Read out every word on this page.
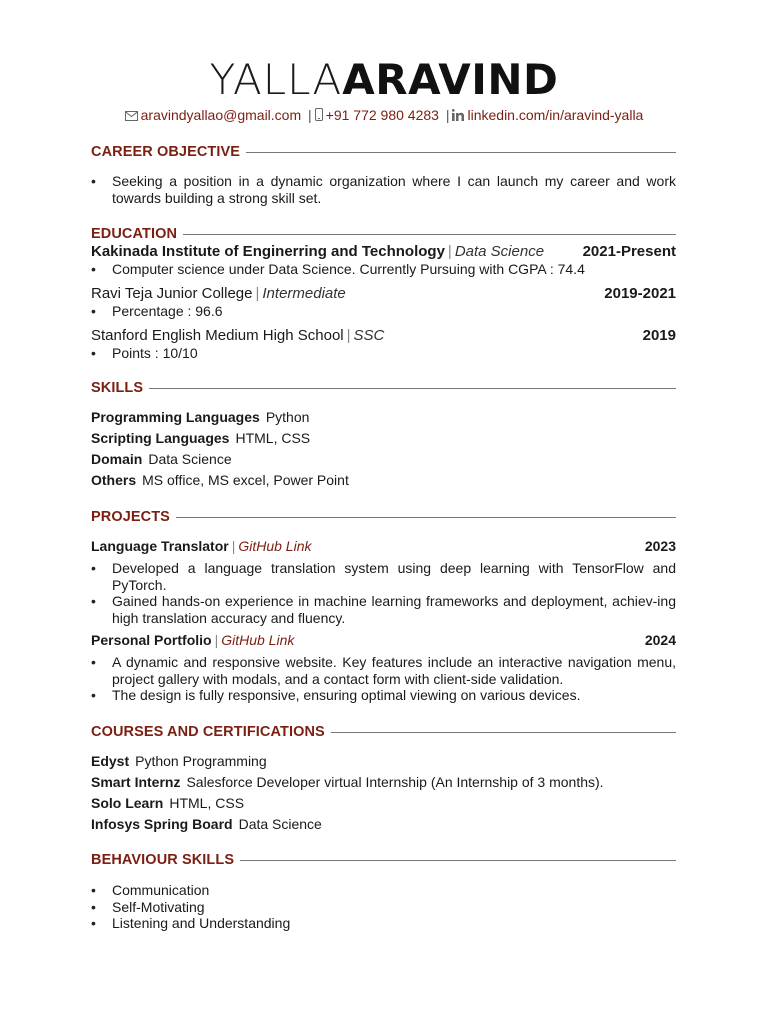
YALLAARAVIND
aravindyallao@gmail.com | +91 772 980 4283 | linkedin.com/in/aravind-yalla
CAREER OBJECTIVE
• Seeking a position in a dynamic organization where I can launch my career and work towards building a strong skill set.
EDUCATION
Kakinada Institute of Enginerring and Technology | Data Science	2021-Present
• Computer science under Data Science. Currently Pursuing with CGPA : 74.4
Ravi Teja Junior College | Intermediate	2019-2021
• Percentage : 96.6
Stanford English Medium High School | SSC	2019
• Points : 10/10
SKILLS
Programming Languages Python
Scripting Languages HTML, CSS
Domain Data Science
Others MS office, MS excel, Power Point
PROJECTS
Language Translator | GitHub Link	2023
• Developed a language translation system using deep learning with TensorFlow and PyTorch.
• Gained hands-on experience in machine learning frameworks and deployment, achiev-ing high translation accuracy and fluency.
Personal Portfolio | GitHub Link	2024
• A dynamic and responsive website. Key features include an interactive navigation menu, project gallery with modals, and a contact form with client-side validation.
• The design is fully responsive, ensuring optimal viewing on various devices.
COURSES AND CERTIFICATIONS
Edyst Python Programming
Smart Internz Salesforce Developer virtual Internship (An Internship of 3 months).
Solo Learn HTML, CSS
Infosys Spring Board Data Science
BEHAVIOUR SKILLS
• Communication
• Self-Motivating
• Listening and Understanding
